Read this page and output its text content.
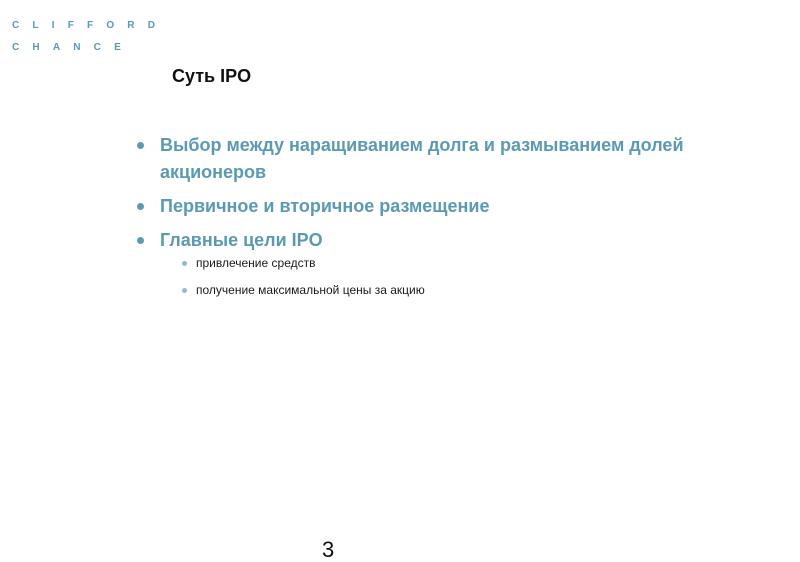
CLIFFORD
CHANCE
Суть IPO
Выбор между наращиванием долга и размыванием долей акционеров
Первичное и вторичное размещение
Главные цели IPO
привлечение средств
получение максимальной цены за акцию
3
